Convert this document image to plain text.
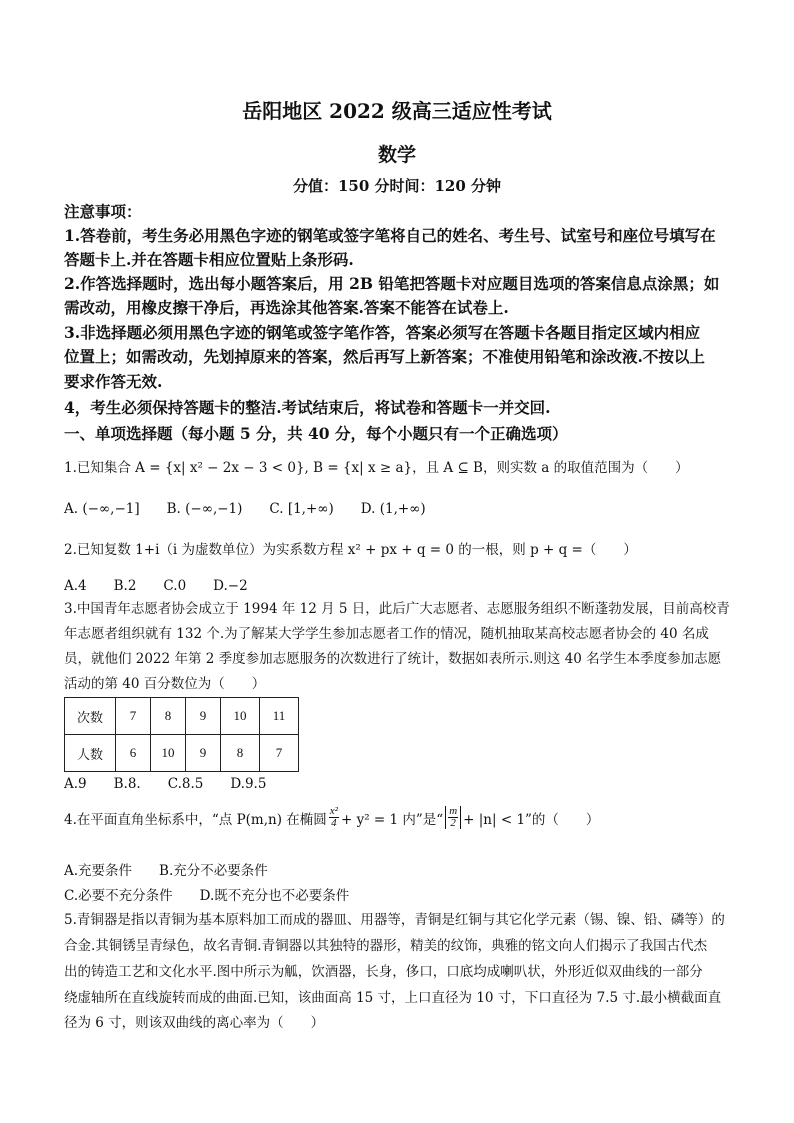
岳阳地区 2022 级高三适应性考试
数学
分值：150 分时间：120 分钟
注意事项：
1.答卷前，考生务必用黑色字迹的钢笔或签字笔将自己的姓名、考生号、试室号和座位号填写在
答题卡上.并在答题卡相应位置贴上条形码.
2.作答选择题时，选出每小题答案后，用 2B 铅笔把答题卡对应题目选项的答案信息点涂黑；如
需改动，用橡皮擦干净后，再选涂其他答案.答案不能答在试卷上.
3.非选择题必须用黑色字迹的钢笔或签字笔作答，答案必须写在答题卡各题目指定区域内相应
位置上；如需改动，先划掉原来的答案，然后再写上新答案；不准使用铅笔和涂改液.不按以上
要求作答无效.
4，考生必须保持答题卡的整洁.考试结束后，将试卷和答题卡一并交回.
一、单项选择题（每小题 5 分，共 40 分，每个小题只有一个正确选项）
1.已知集合 A = {x| x² − 2x − 3 < 0}, B = {x| x ≥ a}，且 A ⊆ B，则实数 a 的取值范围为（　　）
A. (−∞,−1]　　B. (−∞,−1)　　C. [1,+∞)　　D. (1,+∞)
2.已知复数 1+i（i 为虚数单位）为实系数方程 x² + px + q = 0 的一根，则 p + q =（　　）
A.4　　B.2　　C.0　　D.−2
3.中国青年志愿者协会成立于 1994 年 12 月 5 日，此后广大志愿者、志愿服务组织不断蓬勃发展，目前高校青
年志愿者组织就有 132 个.为了解某大学学生参加志愿者工作的情况，随机抽取某高校志愿者协会的 40 名成
员，就他们 2022 年第 2 季度参加志愿服务的次数进行了统计，数据如表所示.则这 40 名学生本季度参加志愿
活动的第 40 百分数位为（　　）
次数	7	8	9	10	11
人数	6	10	9	8	7
A.9　　B.8.　　C.8.5　　D.9.5
4.在平面直角坐标系中，“点 P(m,n) 在椭圆 $\frac{\text{x²}}{4} + y^2 = 1$ 内”是“ $\frac{m}{2} + |n| < 1$”的（　　）
A.充要条件　　B.充分不必要条件
C.必要不充分条件　　D.既不充分也不必要条件
5.青铜器是指以青铜为基本原料加工而成的器皿、用器等，青铜是红铜与其它化学元素（锡、镍、铅、磷等）的
合金.其铜锈呈青绿色，故名青铜.青铜器以其独特的器形，精美的纹饰，典雅的铭文向人们揭示了我国古代杰
出的铸造工艺和文化水平.图中所示为觚，饮酒器，长身，侈口，口底均成喇叭状，外形近似双曲线的一部分
绕虚轴所在直线旋转而成的曲面.已知，该曲面高 15 寸，上口直径为 10 寸，下口直径为 7.5 寸.最小横截面直
径为 6 寸，则该双曲线的离心率为（　　）
